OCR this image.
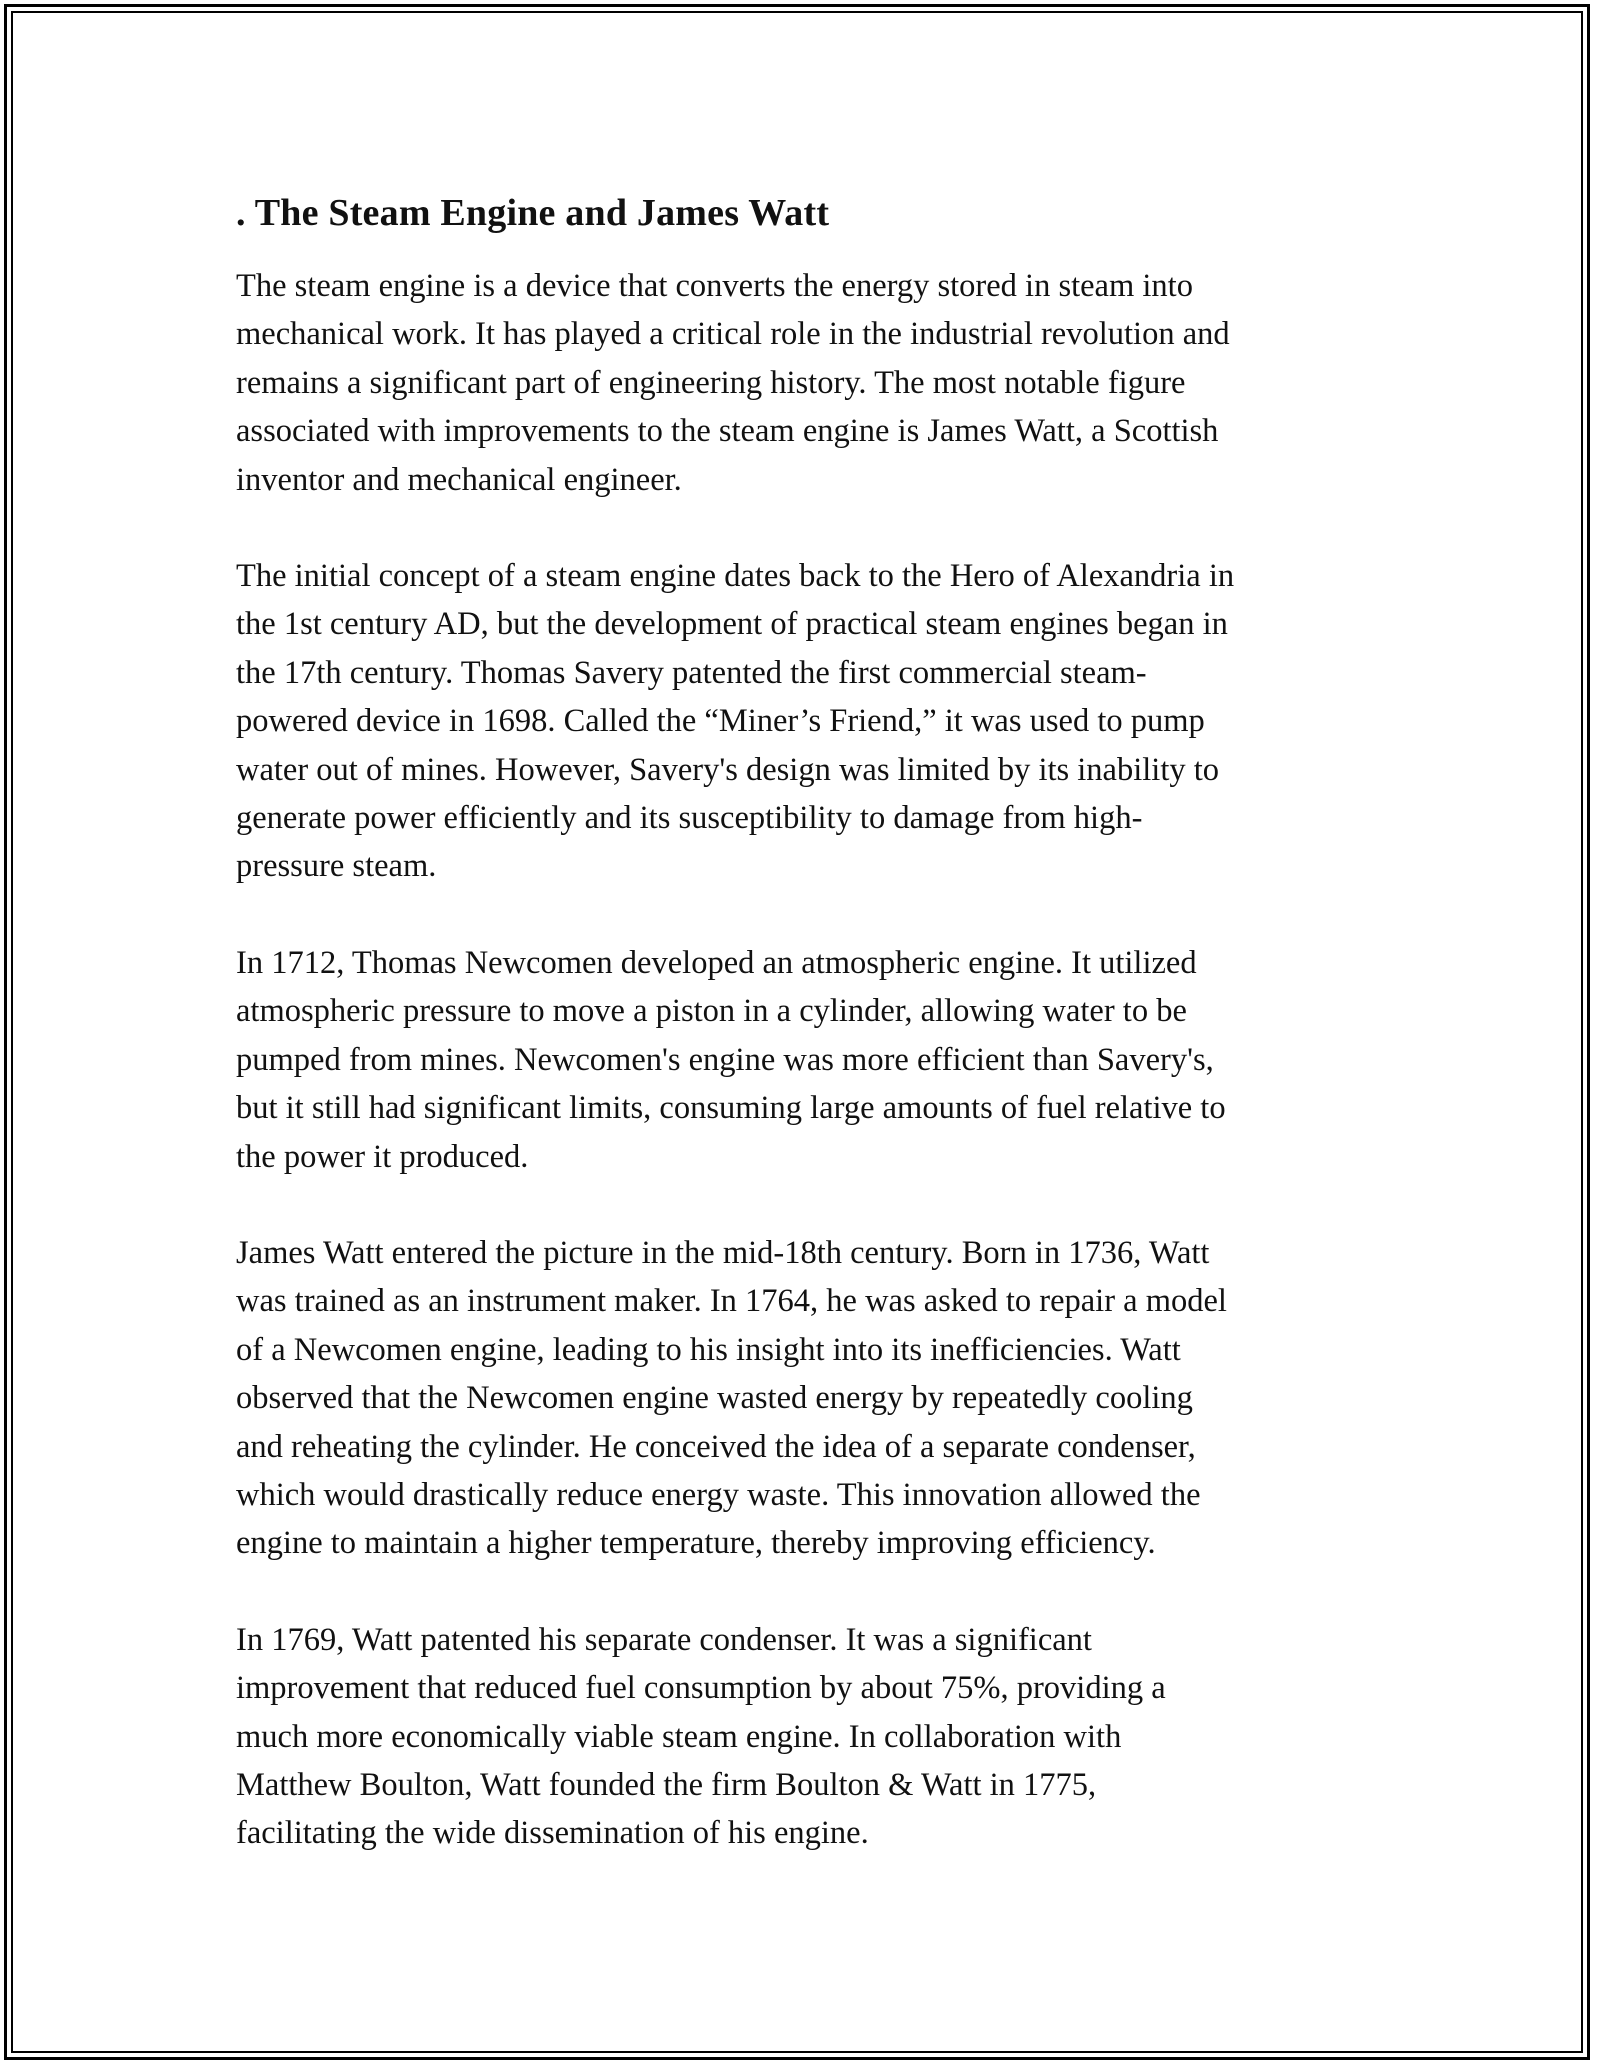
. The Steam Engine and James Watt

The steam engine is a device that converts the energy stored in steam into
mechanical work. It has played a critical role in the industrial revolution and
remains a significant part of engineering history. The most notable figure
associated with improvements to the steam engine is James Watt, a Scottish
inventor and mechanical engineer.

The initial concept of a steam engine dates back to the Hero of Alexandria in
the 1st century AD, but the development of practical steam engines began in
the 17th century. Thomas Savery patented the first commercial steam-
powered device in 1698. Called the “Miner’s Friend,” it was used to pump
water out of mines. However, Savery's design was limited by its inability to
generate power efficiently and its susceptibility to damage from high-
pressure steam.

In 1712, Thomas Newcomen developed an atmospheric engine. It utilized
atmospheric pressure to move a piston in a cylinder, allowing water to be
pumped from mines. Newcomen's engine was more efficient than Savery's,
but it still had significant limits, consuming large amounts of fuel relative to
the power it produced.

James Watt entered the picture in the mid-18th century. Born in 1736, Watt
was trained as an instrument maker. In 1764, he was asked to repair a model
of a Newcomen engine, leading to his insight into its inefficiencies. Watt
observed that the Newcomen engine wasted energy by repeatedly cooling
and reheating the cylinder. He conceived the idea of a separate condenser,
which would drastically reduce energy waste. This innovation allowed the
engine to maintain a higher temperature, thereby improving efficiency.

In 1769, Watt patented his separate condenser. It was a significant
improvement that reduced fuel consumption by about 75%, providing a
much more economically viable steam engine. In collaboration with
Matthew Boulton, Watt founded the firm Boulton & Watt in 1775,
facilitating the wide dissemination of his engine.
